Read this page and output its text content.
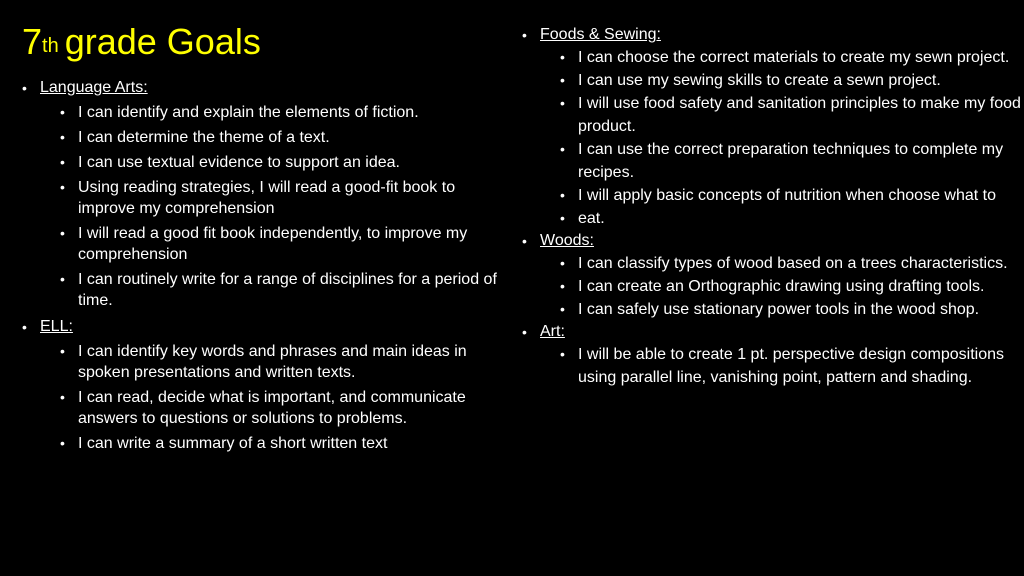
7th grade Goals
• Language Arts:
• I can identify and explain the elements of fiction.
• I can determine the theme of a text.
• I can use textual evidence to support an idea.
• Using reading strategies, I will read a good-fit book to improve my comprehension
• I will read a good fit book independently, to improve my comprehension
• I can routinely write for a range of disciplines for a period of time.
• ELL:
• I can identify key words and phrases and main ideas in spoken presentations and written texts.
• I can read, decide what is important, and communicate answers to questions or solutions to problems.
• I can write a summary of a short written text
• Foods & Sewing:
• I can choose the correct materials to create my sewn project.
• I can use my sewing skills to create a sewn project.
• I will use food safety and sanitation principles to make my food product.
• I can use the correct preparation techniques to complete my recipes.
• I will apply basic concepts of nutrition when choose what to
• eat.
• Woods:
• I can classify types of wood based on a trees characteristics.
• I can create an Orthographic drawing using drafting tools.
• I can safely use stationary power tools in the wood shop.
• Art:
• I will be able to create 1 pt. perspective design compositions using parallel line, vanishing point, pattern and shading.
